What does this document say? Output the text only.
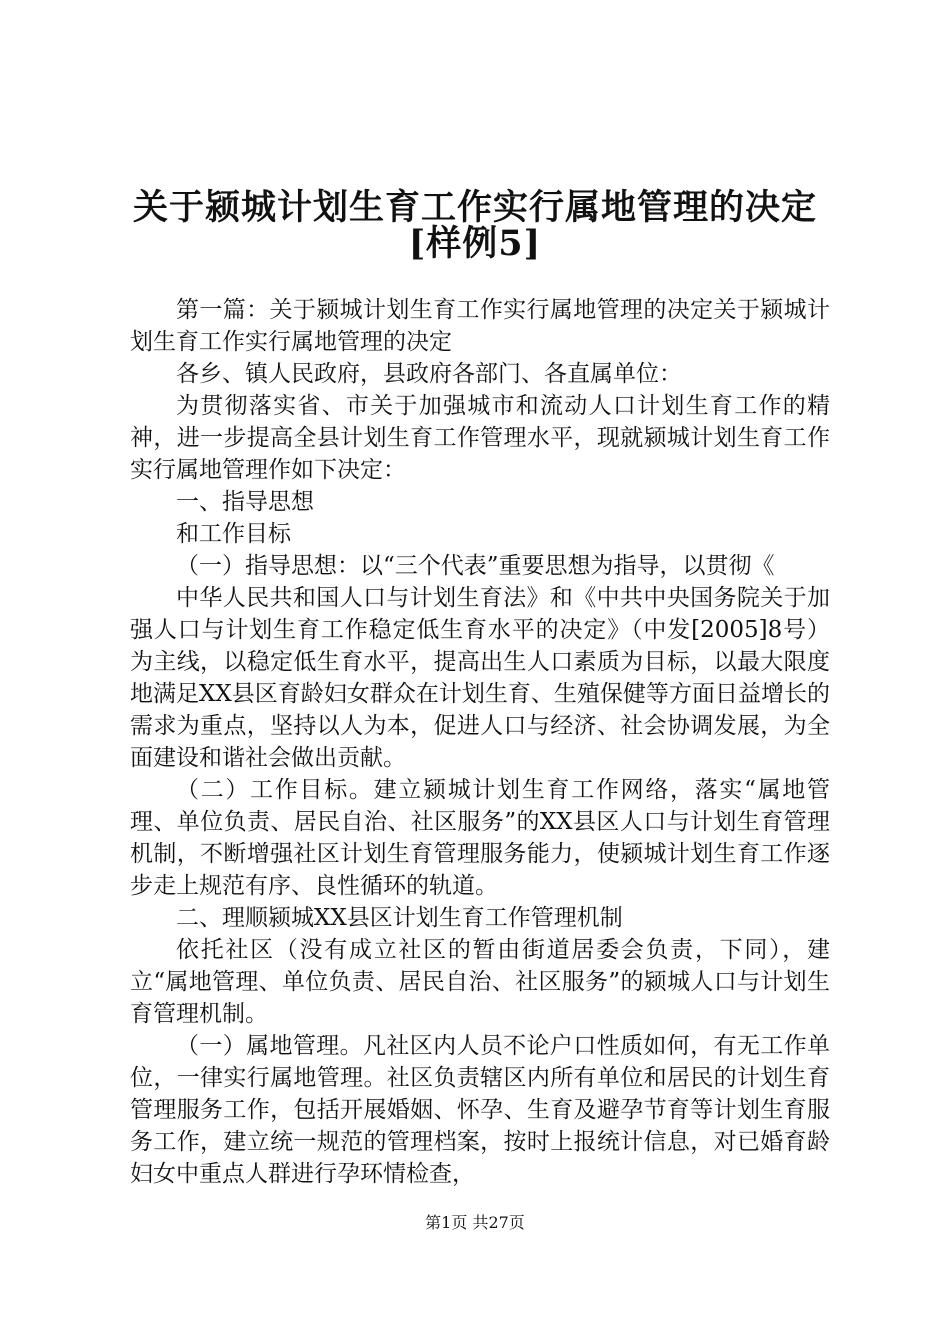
关于颍城计划生育工作实行属地管理的决定
[样例5]

第一篇：关于颍城计划生育工作实行属地管理的决定关于颍城计划生育工作实行属地管理的决定

各乡、镇人民政府，县政府各部门、各直属单位：

为贯彻落实省、市关于加强城市和流动人口计划生育工作的精神，进一步提高全县计划生育工作管理水平，现就颍城计划生育工作实行属地管理作如下决定：

一、指导思想

和工作目标

（一）指导思想：以“三个代表”重要思想为指导，以贯彻《

中华人民共和国人口与计划生育法》和《中共中央国务院关于加强人口与计划生育工作稳定低生育水平的决定》（中发[2005]8号）为主线，以稳定低生育水平，提高出生人口素质为目标，以最大限度地满足XX县区育龄妇女群众在计划生育、生殖保健等方面日益增长的需求为重点，坚持以人为本，促进人口与经济、社会协调发展，为全面建设和谐社会做出贡献。

（二）工作目标。建立颍城计划生育工作网络，落实“属地管理、单位负责、居民自治、社区服务”的XX县区人口与计划生育管理机制，不断增强社区计划生育管理服务能力，使颍城计划生育工作逐步走上规范有序、良性循环的轨道。

二、理顺颍城XX县区计划生育工作管理机制

依托社区（没有成立社区的暂由街道居委会负责，下同），建立“属地管理、单位负责、居民自治、社区服务”的颍城人口与计划生育管理机制。

（一）属地管理。凡社区内人员不论户口性质如何，有无工作单位，一律实行属地管理。社区负责辖区内所有单位和居民的计划生育管理服务工作，包括开展婚姻、怀孕、生育及避孕节育等计划生育服务工作，建立统一规范的管理档案，按时上报统计信息，对已婚育龄妇女中重点人群进行孕环情检查，

第1页 共27页
